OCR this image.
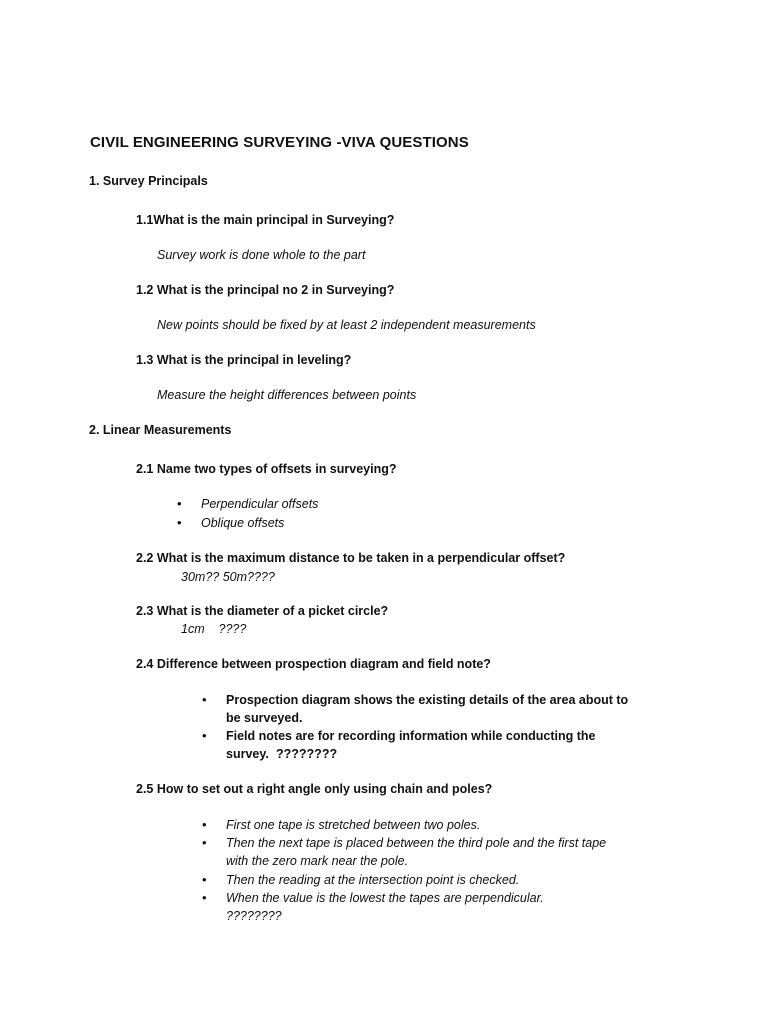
CIVIL ENGINEERING SURVEYING -VIVA QUESTIONS
1. Survey Principals
1.1What is the main principal in Surveying?
Survey work is done whole to the part
1.2 What is the principal no 2 in Surveying?
New points should be fixed by at least 2 independent measurements
1.3 What is the principal in leveling?
Measure the height differences between points
2. Linear Measurements
2.1 Name two types of offsets in surveying?
• Perpendicular offsets
• Oblique offsets
2.2 What is the maximum distance to be taken in a perpendicular offset?
30m?? 50m????
2.3 What is the diameter of a picket circle?
1cm    ????
2.4 Difference between prospection diagram and field note?
• Prospection diagram shows the existing details of the area about to
be surveyed.
• Field notes are for recording information while conducting the
survey. ????????
2.5 How to set out a right angle only using chain and poles?
• First one tape is stretched between two poles.
• Then the next tape is placed between the third pole and the first tape
with the zero mark near the pole.
• Then the reading at the intersection point is checked.
• When the value is the lowest the tapes are perpendicular.
????????
